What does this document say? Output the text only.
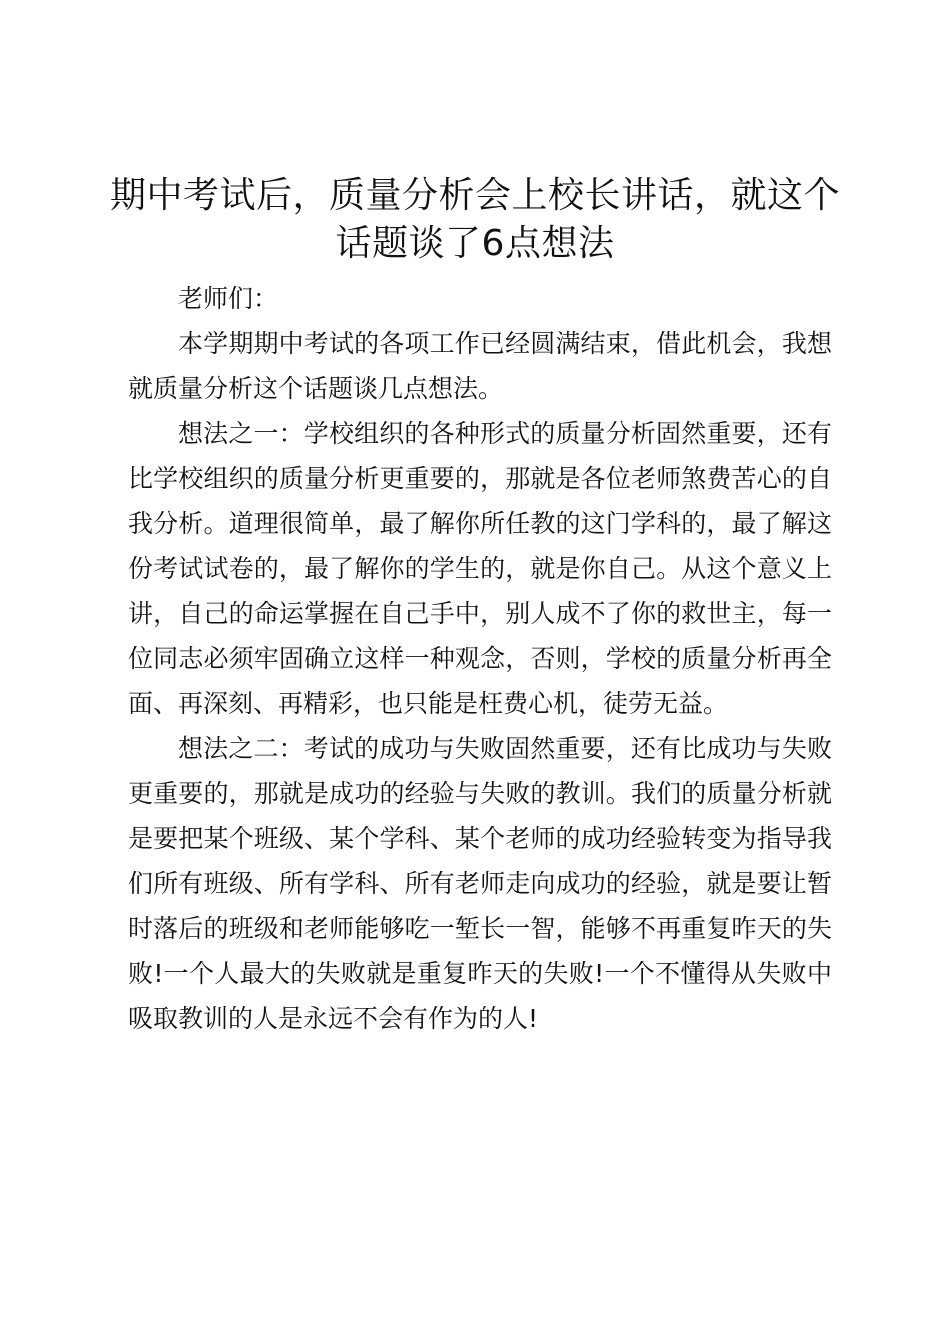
期中考试后，质量分析会上校长讲话，就这个话题谈了6点想法

老师们：

本学期期中考试的各项工作已经圆满结束，借此机会，我想就质量分析这个话题谈几点想法。

想法之一：学校组织的各种形式的质量分析固然重要，还有比学校组织的质量分析更重要的，那就是各位老师煞费苦心的自我分析。道理很简单，最了解你所任教的这门学科的，最了解这份考试试卷的，最了解你的学生的，就是你自己。从这个意义上讲，自己的命运掌握在自己手中，别人成不了你的救世主，每一位同志必须牢固确立这样一种观念，否则，学校的质量分析再全面、再深刻、再精彩，也只能是枉费心机，徒劳无益。

想法之二：考试的成功与失败固然重要，还有比成功与失败更重要的，那就是成功的经验与失败的教训。我们的质量分析就是要把某个班级、某个学科、某个老师的成功经验转变为指导我们所有班级、所有学科、所有老师走向成功的经验，就是要让暂时落后的班级和老师能够吃一堑长一智，能够不再重复昨天的失败!一个人最大的失败就是重复昨天的失败!一个不懂得从失败中吸取教训的人是永远不会有作为的人!
